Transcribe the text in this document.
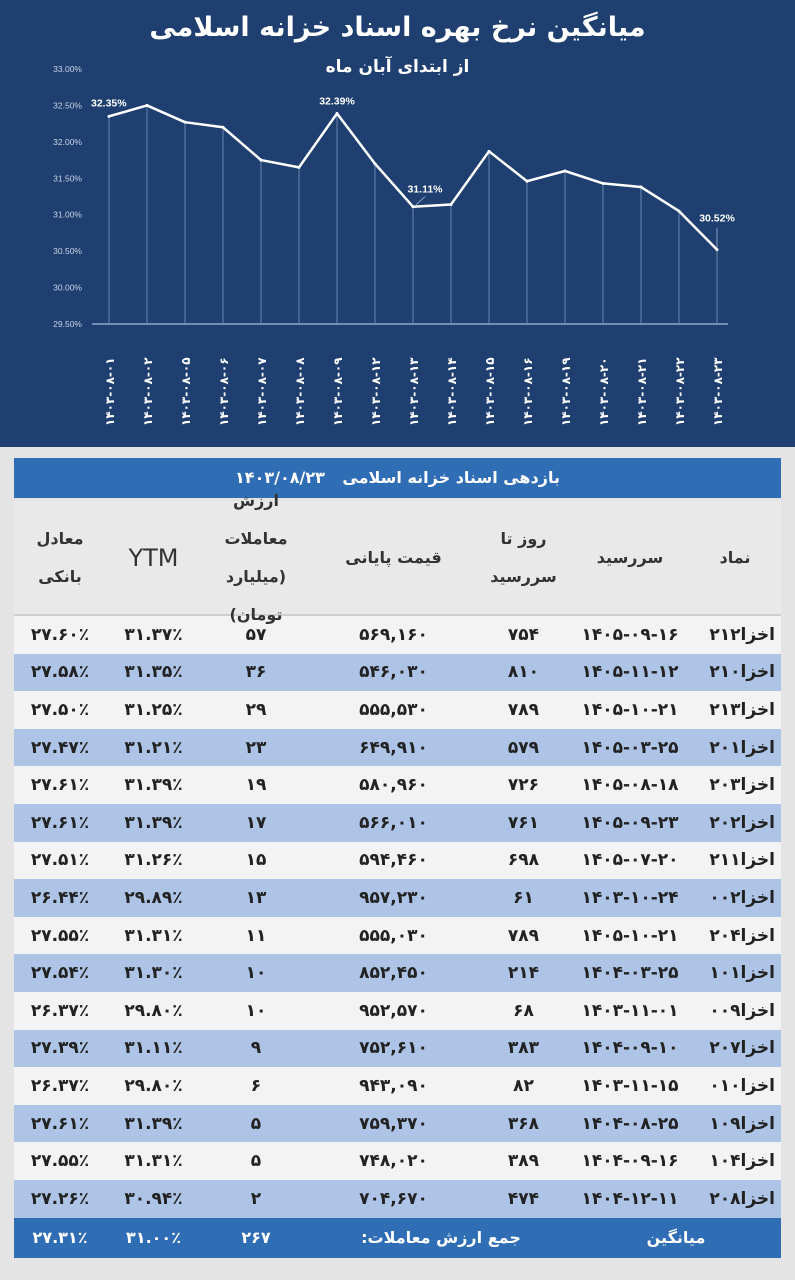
29.50%
30.00%
30.50%
31.00%
31.50%
32.00%
32.50%
33.00%
۱۴۰۳-۰۸-۰۱ ۱۴۰۳-۰۸-۰۲ ۱۴۰۳-۰۸-۰۵ ۱۴۰۳-۰۸-۰۶ ۱۴۰۳-۰۸-۰۷ ۱۴۰۳-۰۸-۰۸ ۱۴۰۳-۰۸-۰۹ ۱۴۰۳-۰۸-۱۲ ۱۴۰۳-۰۸-۱۳ ۱۴۰۳-۰۸-۱۴ ۱۴۰۳-۰۸-۱۵ ۱۴۰۳-۰۸-۱۶ ۱۴۰۳-۰۸-۱۹ ۱۴۰۳-۰۸-۲۰ ۱۴۰۳-۰۸-۲۱ ۱۴۰۳-۰۸-۲۲ ۱۴۰۳-۰۸-۲۳
32.35%	32.39%
31.11%
30.52%
میانگین نرخ بهره اسناد خزانه اسلامی
از ابتدای آبان ماه
بازدهی اسناد خزانه اسلامی ۱۴۰۳/۰۸/۲۳
نماد
سررسید
روز تا سررسید
قیمت پایانی
ارزش معاملات
(میلیارد تومان)
YTM
معادل بانکی
اخزا۲۱۲
۱۴۰۵-۰۹-۱۶
۷۵۴
۵۶۹,۱۶۰
۵۷
۳۱.۳۷٪
۲۷.۶۰٪
اخزا۲۱۰
۱۴۰۵-۱۱-۱۲
۸۱۰
۵۴۶,۰۳۰
۳۶
۳۱.۳۵٪
۲۷.۵۸٪
اخزا۲۱۳
۱۴۰۵-۱۰-۲۱
۷۸۹
۵۵۵,۵۳۰
۲۹
۳۱.۲۵٪
۲۷.۵۰٪
اخزا۲۰۱
۱۴۰۵-۰۳-۲۵
۵۷۹
۶۴۹,۹۱۰
۲۳
۳۱.۲۱٪
۲۷.۴۷٪
اخزا۲۰۳
۱۴۰۵-۰۸-۱۸
۷۲۶
۵۸۰,۹۶۰
۱۹
۳۱.۳۹٪
۲۷.۶۱٪
اخزا۲۰۲
۱۴۰۵-۰۹-۲۳
۷۶۱
۵۶۶,۰۱۰
۱۷
۳۱.۳۹٪
۲۷.۶۱٪
اخزا۲۱۱
۱۴۰۵-۰۷-۲۰
۶۹۸
۵۹۴,۴۶۰
۱۵
۳۱.۲۶٪
۲۷.۵۱٪
اخزا۰۰۲
۱۴۰۳-۱۰-۲۴
۶۱
۹۵۷,۲۳۰
۱۳
۲۹.۸۹٪
۲۶.۴۴٪
اخزا۲۰۴
۱۴۰۵-۱۰-۲۱
۷۸۹
۵۵۵,۰۳۰
۱۱
۳۱.۳۱٪
۲۷.۵۵٪
اخزا۱۰۱
۱۴۰۴-۰۳-۲۵
۲۱۴
۸۵۲,۴۵۰
۱۰
۳۱.۳۰٪
۲۷.۵۴٪
اخزا۰۰۹
۱۴۰۳-۱۱-۰۱
۶۸
۹۵۲,۵۷۰
۱۰
۲۹.۸۰٪
۲۶.۳۷٪
اخزا۲۰۷
۱۴۰۴-۰۹-۱۰
۳۸۳
۷۵۲,۶۱۰
۹
۳۱.۱۱٪
۲۷.۳۹٪
اخزا۰۱۰
۱۴۰۳-۱۱-۱۵
۸۲
۹۴۳,۰۹۰
۶
۲۹.۸۰٪
۲۶.۳۷٪
اخزا۱۰۹
۱۴۰۴-۰۸-۲۵
۳۶۸
۷۵۹,۳۷۰
۵
۳۱.۳۹٪
۲۷.۶۱٪
اخزا۱۰۴
۱۴۰۴-۰۹-۱۶
۳۸۹
۷۴۸,۰۲۰
۵
۳۱.۳۱٪
۲۷.۵۵٪
اخزا۲۰۸
۱۴۰۴-۱۲-۱۱
۴۷۴
۷۰۴,۶۷۰
۲
۳۰.۹۴٪
۲۷.۲۶٪
میانگین
جمع ارزش معاملات:
۲۶۷
۳۱.۰۰٪
۲۷.۳۱٪
